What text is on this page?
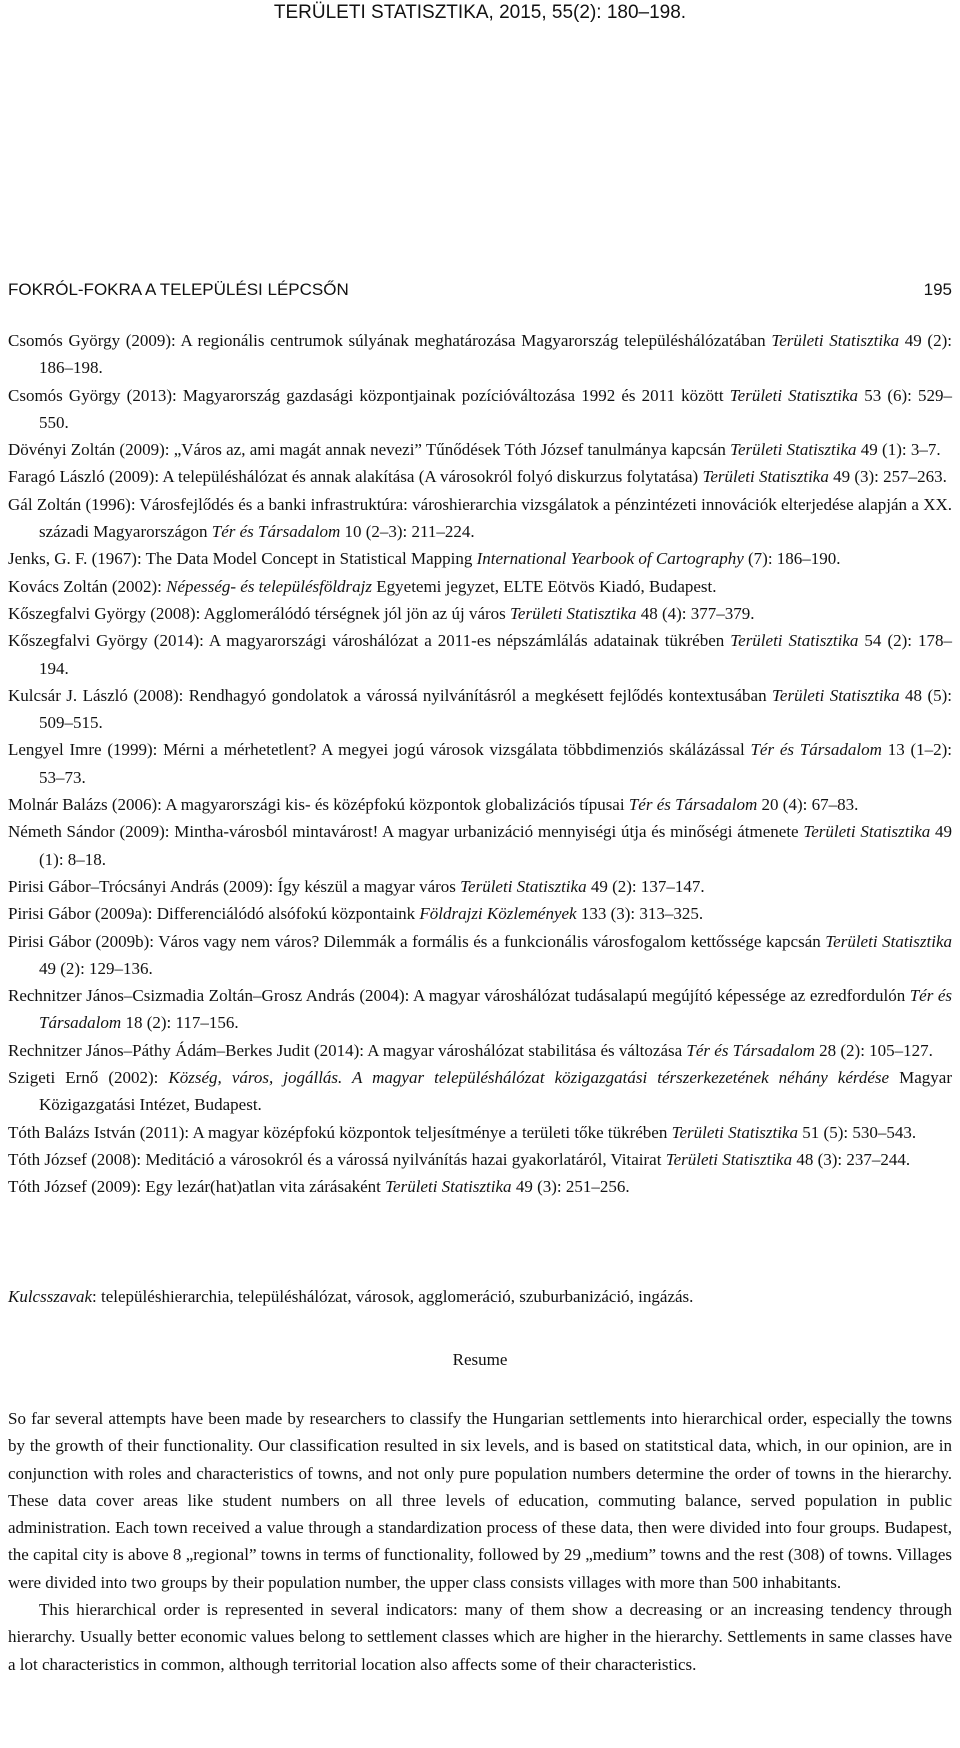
TERÜLETI STATISZTIKA, 2015, 55(2): 180–198.
FOKRÓL-FOKRA A TELEPÜLÉSI LÉPCSŐN	195
Csomós György (2009): A regionális centrumok súlyának meghatározása Magyarország településhálózatában Területi Statisztika 49 (2): 186–198.
Csomós György (2013): Magyarország gazdasági központjainak pozícióváltozása 1992 és 2011 között Területi Statisztika 53 (6): 529–550.
Dövényi Zoltán (2009): „Város az, ami magát annak nevezi” Tűnődések Tóth József tanulmánya kapcsán Területi Statisztika 49 (1): 3–7.
Faragó László (2009): A településhálózat és annak alakítása (A városokról folyó diskurzus folytatása) Területi Statisztika 49 (3): 257–263.
Gál Zoltán (1996): Városfejlődés és a banki infrastruktúra: városhierarchia vizsgálatok a pénzintézeti innovációk elterjedése alapján a XX. századi Magyarországon Tér és Társadalom 10 (2–3): 211–224.
Jenks, G. F. (1967): The Data Model Concept in Statistical Mapping International Yearbook of Cartography (7): 186–190.
Kovács Zoltán (2002): Népesség- és településföldrajz Egyetemi jegyzet, ELTE Eötvös Kiadó, Budapest.
Kőszegfalvi György (2008): Agglomerálódó térségnek jól jön az új város Területi Statisztika 48 (4): 377–379.
Kőszegfalvi György (2014): A magyarországi városhálózat a 2011-es népszámlálás adatainak tükrében Területi Statisztika 54 (2): 178–194.
Kulcsár J. László (2008): Rendhagyó gondolatok a várossá nyilvánításról a megkésett fejlődés kontextusában Területi Statisztika 48 (5): 509–515.
Lengyel Imre (1999): Mérni a mérhetetlent? A megyei jogú városok vizsgálata többdimenziós skálázással Tér és Társadalom 13 (1–2): 53–73.
Molnár Balázs (2006): A magyarországi kis- és középfokú központok globalizációs típusai Tér és Társadalom 20 (4): 67–83.
Németh Sándor (2009): Mintha-városból mintavárost! A magyar urbanizáció mennyiségi útja és minőségi átmenete Területi Statisztika 49 (1): 8–18.
Pirisi Gábor–Trócsányi András (2009): Így készül a magyar város Területi Statisztika 49 (2): 137–147.
Pirisi Gábor (2009a): Differenciálódó alsófokú központaink Földrajzi Közlemények 133 (3): 313–325.
Pirisi Gábor (2009b): Város vagy nem város? Dilemmák a formális és a funkcionális városfogalom kettőssége kapcsán Területi Statisztika 49 (2): 129–136.
Rechnitzer János–Csizmadia Zoltán–Grosz András (2004): A magyar városhálózat tudásalapú megújító képessége az ezredfordulón Tér és Társadalom 18 (2): 117–156.
Rechnitzer János–Páthy Ádám–Berkes Judit (2014): A magyar városhálózat stabilitása és változása Tér és Társadalom 28 (2): 105–127.
Szigeti Ernő (2002): Község, város, jogállás. A magyar településhálózat közigazgatási térszerkezetének néhány kérdése Magyar Közigazgatási Intézet, Budapest.
Tóth Balázs István (2011): A magyar középfokú központok teljesítménye a területi tőke tükrében Területi Statisztika 51 (5): 530–543.
Tóth József (2008): Meditáció a városokról és a várossá nyilvánítás hazai gyakorlatáról, Vitairat Területi Statisztika 48 (3): 237–244.
Tóth József (2009): Egy lezár(hat)atlan vita zárásaként Területi Statisztika 49 (3): 251–256.
Kulcsszavak: településhierarchia, településhálózat, városok, agglomeráció, szuburbanizáció, ingázás.
Resume

So far several attempts have been made by researchers to classify the Hungarian settlements into hierarchical order, especially the towns by the growth of their functionality. Our classification resulted in six levels, and is based on statitstical data, which, in our opinion, are in conjunction with roles and characteristics of towns, and not only pure population numbers determine the order of towns in the hierarchy. These data cover areas like student numbers on all three levels of education, commuting balance, served population in public administration. Each town received a value through a standardization process of these data, then were divided into four groups. Budapest, the capital city is above 8 „regional” towns in terms of functionality, followed by 29 „medium” towns and the rest (308) of towns. Villages were divided into two groups by their population number, the upper class consists villages with more than 500 inhabitants.

This hierarchical order is represented in several indicators: many of them show a decreasing or an increasing tendency through hierarchy. Usually better economic values belong to settlement classes which are higher in the hierarchy. Settlements in same classes have a lot characteristics in common, although territorial location also affects some of their characteristics.
